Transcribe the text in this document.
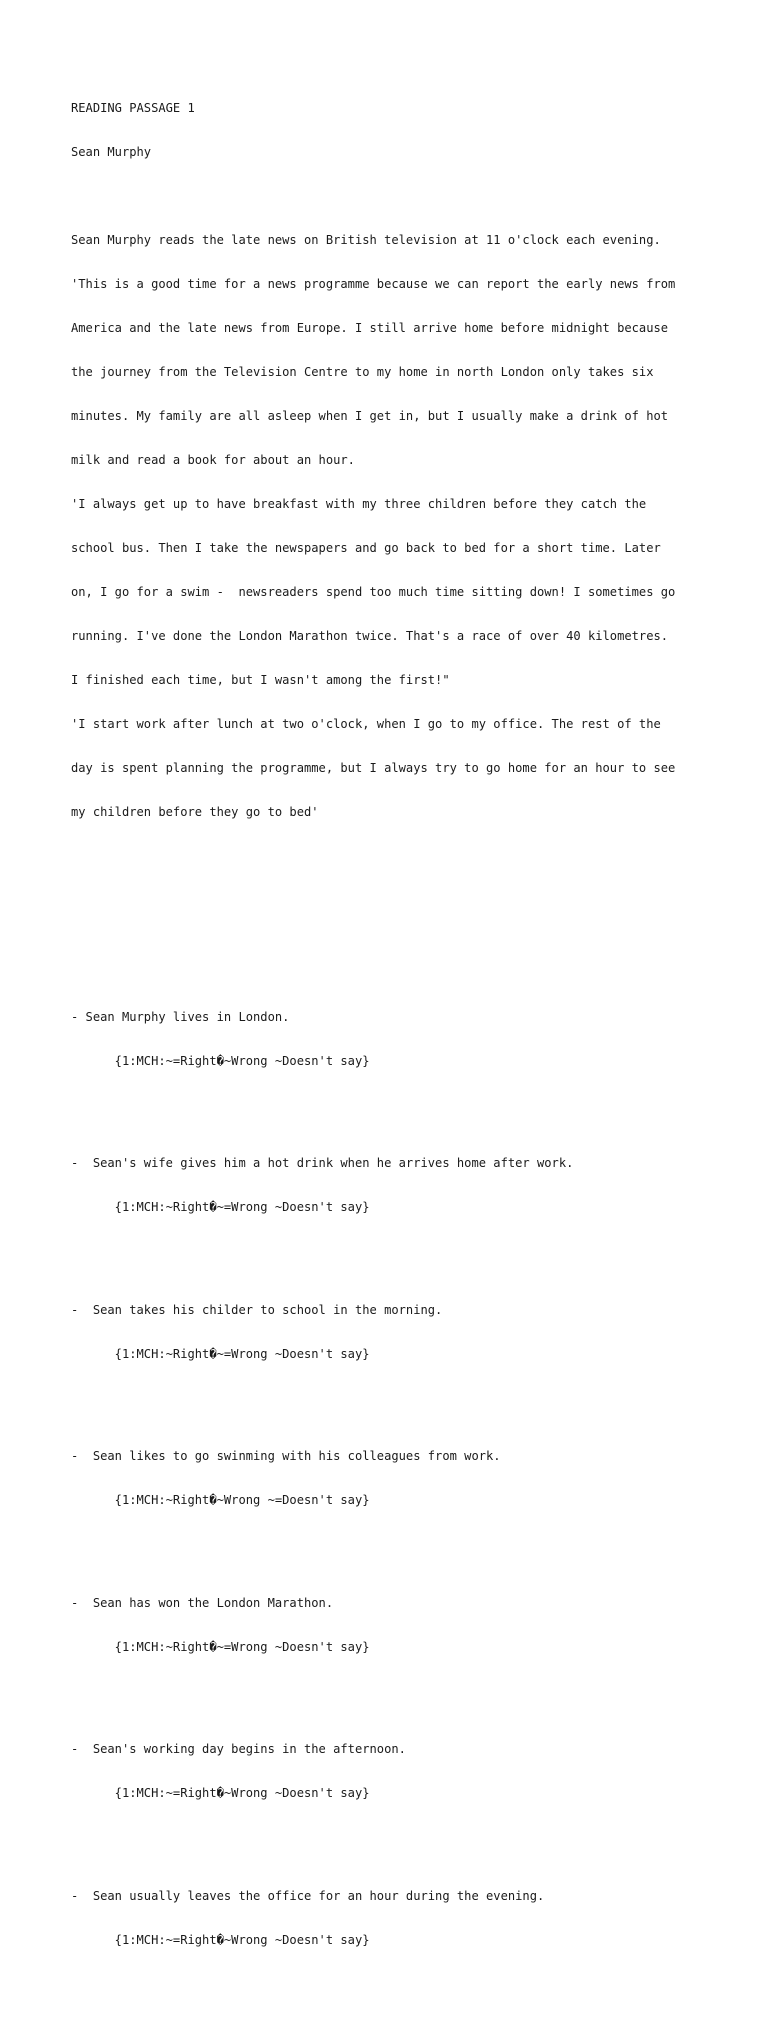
READING PASSAGE 1

Sean Murphy

Sean Murphy reads the late news on British television at 11 o'clock each evening.

'This is a good time for a news programme because we can report the early news from

America and the late news from Europe. I still arrive home before midnight because

the journey from the Television Centre to my home in north London only takes six

minutes. My family are all asleep when I get in, but I usually make a drink of hot

milk and read a book for about an hour.

'I always get up to have breakfast with my three children before they catch the

school bus. Then I take the newspapers and go back to bed for a short time. Later

on, I go for a swim -  newsreaders spend too much time sitting down! I sometimes go

running. I've done the London Marathon twice. That's a race of over 40 kilometres.

I finished each time, but I wasn't among the first!"

'I start work after lunch at two o'clock, when I go to my office. The rest of the

day is spent planning the programme, but I always try to go home for an hour to see

my children before they go to bed'

- Sean Murphy lives in London.

{1:MCH:~=Right�~Wrong ~Doesn't say}

-  Sean's wife gives him a hot drink when he arrives home after work.

{1:MCH:~Right�~=Wrong ~Doesn't say}

-  Sean takes his childer to school in the morning.

{1:MCH:~Right�~=Wrong ~Doesn't say}

-  Sean likes to go swinming with his colleagues from work.

{1:MCH:~Right�~Wrong ~=Doesn't say}

-  Sean has won the London Marathon.

{1:MCH:~Right�~=Wrong ~Doesn't say}

-  Sean's working day begins in the afternoon.

{1:MCH:~=Right�~Wrong ~Doesn't say}

-  Sean usually leaves the office for an hour during the evening.

{1:MCH:~=Right�~Wrong ~Doesn't say}
